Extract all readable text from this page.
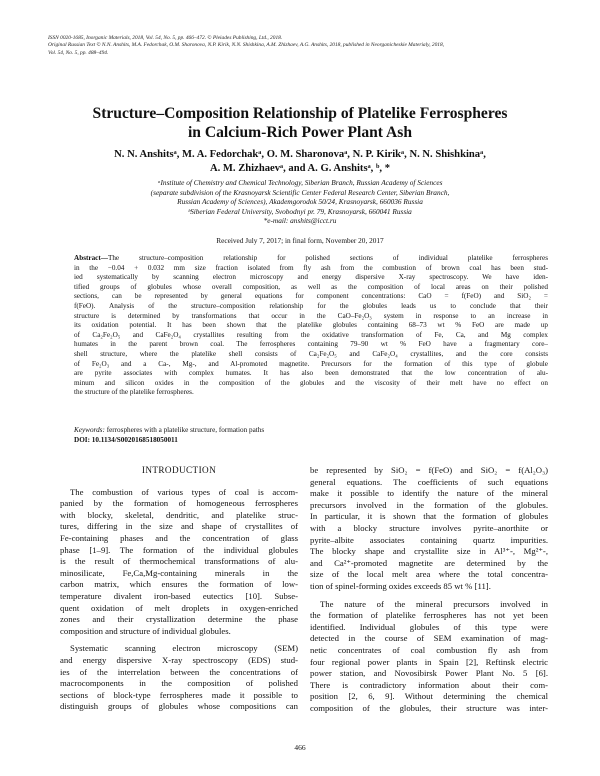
ISSN 0020-1685, Inorganic Materials, 2018, Vol. 54, No. 5, pp. 466–472. © Pleiades Publishing, Ltd., 2018.
Original Russian Text © N.N. Anshits, M.A. Fedorchak, O.M. Sharonova, N.P. Kirik, N.N. Shishkina, A.M. Zhizhaev, A.G. Anshits, 2018, published in Neorganicheskie Materialy, 2018,
Vol. 54, No. 5, pp. 488–494.
Structure–Composition Relationship of Platelike Ferrospheres
in Calcium-Rich Power Plant Ash
N. N. Anshitsᵃ, M. A. Fedorchakᵃ, O. M. Sharonovaᵃ, N. P. Kirikᵃ, N. N. Shishkinaᵃ,
A. M. Zhizhaevᵃ, and A. G. Anshitsᵃ, ᵇ, *
ᵃInstitute of Chemistry and Chemical Technology, Siberian Branch, Russian Academy of Sciences
(separate subdivision of the Krasnoyarsk Scientific Center Federal Research Center, Siberian Branch,
Russian Academy of Sciences), Akademgorodok 50/24, Krasnoyarsk, 660036 Russia
ᵇSiberian Federal University, Svobodnyi pr. 79, Krasnoyarsk, 660041 Russia
*e-mail: anshits@icct.ru
Received July 7, 2017; in final form, November 20, 2017
Abstract—The structure–composition relationship for polished sections of individual platelike ferrospheres
in the −0.04 + 0.032 mm size fraction isolated from fly ash from the combustion of brown coal has been stud-
ied systematically by scanning electron microscopy and energy dispersive X-ray spectroscopy. We have iden-
tified groups of globules whose overall composition, as well as the composition of local areas on their polished
sections, can be represented by general equations for component concentrations: CaO = f(FeO) and SiO₂ =
f(FeO). Analysis of the structure–composition relationship for the globules leads us to conclude that their
structure is determined by transformations that occur in the CaO–Fe₂O₃ system in response to an increase in
its oxidation potential. It has been shown that the platelike globules containing 68–73 wt % FeO are made up
of Ca₂Fe₂O₅ and CaFe₂O₄ crystallites resulting from the oxidative transformation of Fe, Ca, and Mg complex
humates in the parent brown coal. The ferrospheres containing 79–90 wt % FeO have a fragmentary core–
shell structure, where the platelike shell consists of Ca₂Fe₂O₅ and CaFe₂O₄ crystallites, and the core consists
of Fe₂O₃ and a Ca-, Mg-, and Al-promoted magnetite. Precursors for the formation of this type of globule
are pyrite associates with complex humates. It has also been demonstrated that the low concentration of alu-
minum and silicon oxides in the composition of the globules and the viscosity of their melt have no effect on
the structure of the platelike ferrospheres.
Keywords: ferrospheres with a platelike structure, formation paths
DOI: 10.1134/S0020168518050011
INTRODUCTION
The combustion of various types of coal is accom-
panied by the formation of homogeneous ferrospheres
with blocky, skeletal, dendritic, and platelike struc-
tures, differing in the size and shape of crystallites of
Fe-containing phases and the concentration of glass
phase [1–9]. The formation of the individual globules
is the result of thermochemical transformations of alu-
minosilicate, Fe,Ca,Mg-containing minerals in the
carbon matrix, which ensures the formation of low-
temperature divalent iron-based eutectics [10]. Subse-
quent oxidation of melt droplets in oxygen-enriched
zones and their crystallization determine the phase
composition and structure of individual globules.
Systematic scanning electron microscopy (SEM)
and energy dispersive X-ray spectroscopy (EDS) stud-
ies of the interrelation between the concentrations of
macrocomponents in the composition of polished
sections of block-type ferrospheres made it possible to
distinguish groups of globules whose compositions can
be represented by SiO₂ = f(FeO) and SiO₂ = f(Al₂O₃)
general equations. The coefficients of such equations
make it possible to identify the nature of the mineral
precursors involved in the formation of the globules.
In particular, it is shown that the formation of globules
with a blocky structure involves pyrite–anorthite or
pyrite–albite associates containing quartz impurities.
The blocky shape and crystallite size in Al³⁺-, Mg²⁺-,
and Ca²⁺-promoted magnetite are determined by the
size of the local melt area where the total concentra-
tion of spinel-forming oxides exceeds 85 wt % [11].
The nature of the mineral precursors involved in
the formation of platelike ferrospheres has not yet been
identified. Individual globules of this type were
detected in the course of SEM examination of mag-
netic concentrates of coal combustion fly ash from
four regional power plants in Spain [2], Reftinsk electric
power station, and Novosibirsk Power Plant No. 5 [6].
There is contradictory information about their com-
position [2, 6, 9]. Without determining the chemical
composition of the globules, their structure was inter-
466
